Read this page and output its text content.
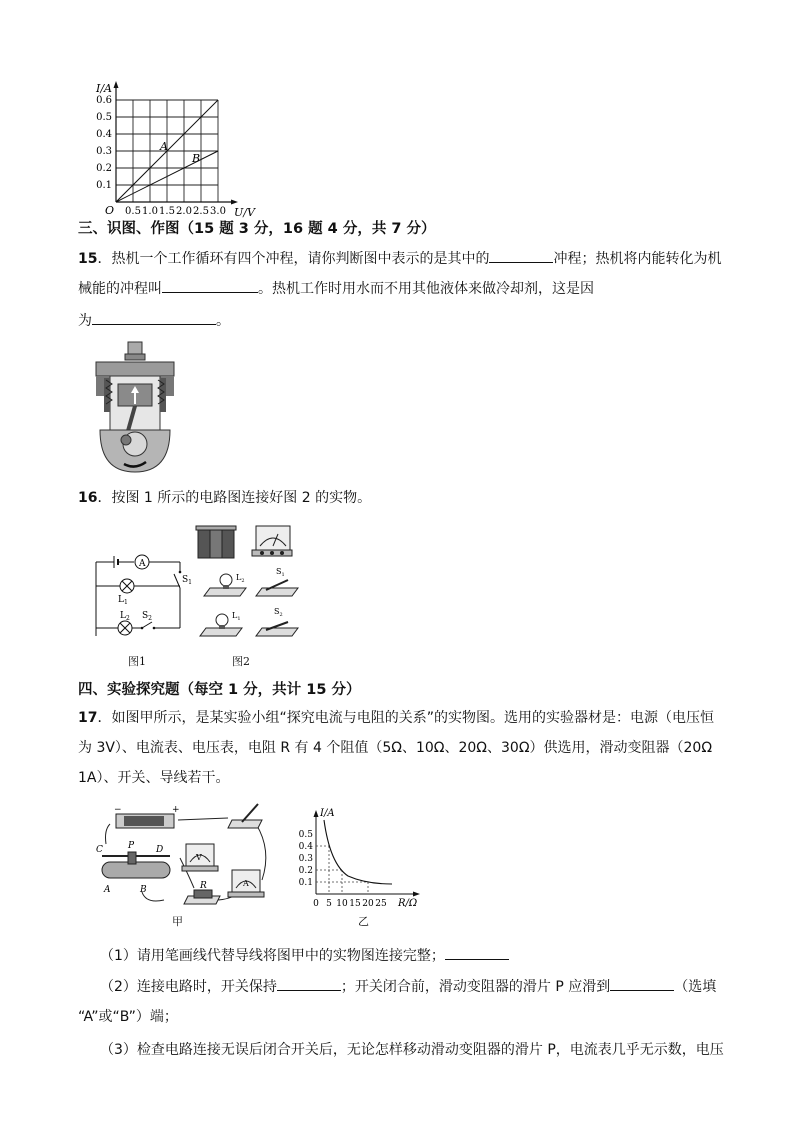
I/A
0.6
0.5
0.4
0.3
0.2
0.1
O 0.5 1.0 1.5 2.0 2.5 3.0 U/V
A
B
三、识图、作图（15 题 3 分，16 题 4 分，共 7 分）
15．热机一个工作循环有四个冲程，请你判断图中表示的是其中的	冲程；热机将内能转化为机
械能的冲程叫	。热机工作时用水而不用其他液体来做冷却剂，这是因
为	。
16．按图 1 所示的电路图连接好图 2 的实物。
A
$S_1$
$L_1$
$L_2$ $S_2$
图1
$L_2$
$S_1$
$L_1$
$S_2$
图2
四、实验探究题（每空 1 分，共计 15 分）
17．如图甲所示，是某实验小组“探究电流与电阻的关系”的实物图。选用的实验器材是：电源（电压恒
为 3V）、电流表、电压表，电阻 R 有 4 个阻值（5Ω、10Ω、20Ω、30Ω）供选用，滑动变阻器（20Ω
1A）、开关、导线若干。
−	+
C	D
P
A	B
V
A
R
甲
I/A
0.5
0.4
0.3
0.2
0.1
0 5 10 15 20 25 R/Ω
乙
（1）请用笔画线代替导线将图甲中的实物图连接完整；
（2）连接电路时，开关保持	；开关闭合前，滑动变阻器的滑片 P 应滑到	（选填
“A”或“B”）端；
（3）检查电路连接无误后闭合开关后，无论怎样移动滑动变阻器的滑片 P，电流表几乎无示数，电压
